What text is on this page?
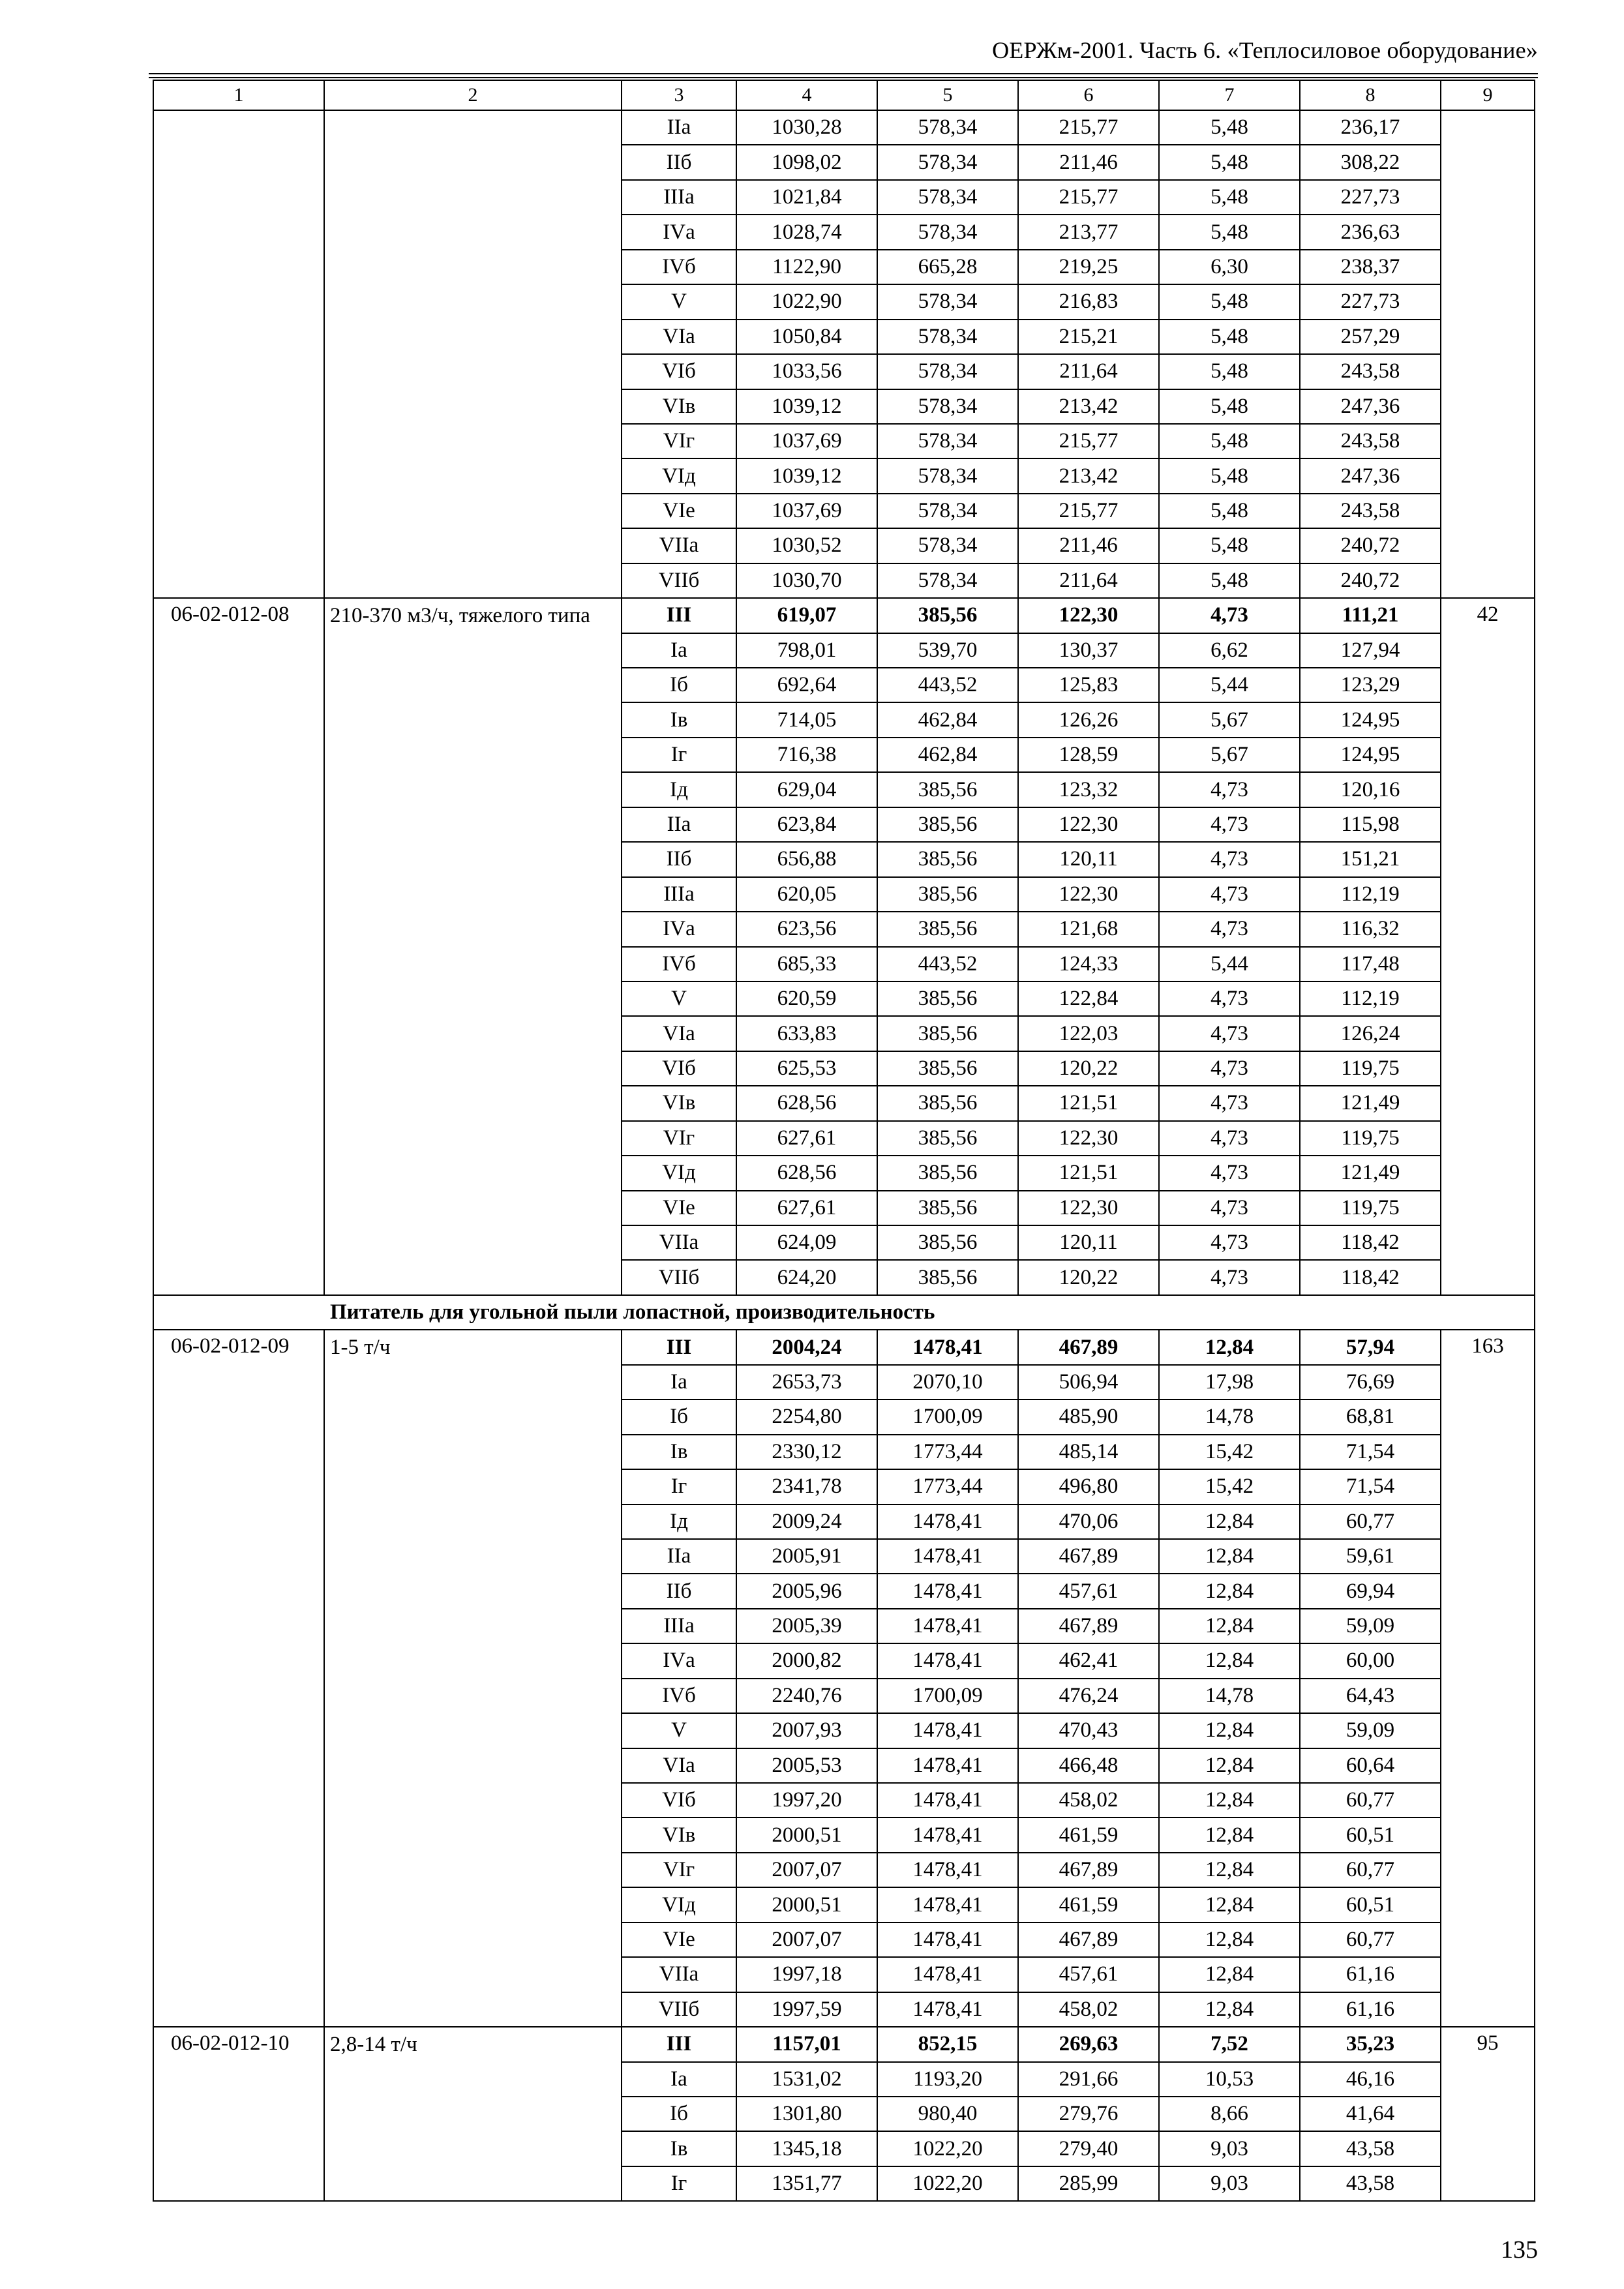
ОЕРЖм-2001. Часть 6. «Теплосиловое оборудование»
1	2	3	4	5	6	7	8	9
		IIа	1030,28	578,34	215,77	5,48	236,17	
		IIб	1098,02	578,34	211,46	5,48	308,22	
		IIIа	1021,84	578,34	215,77	5,48	227,73	
		IVа	1028,74	578,34	213,77	5,48	236,63	
		IVб	1122,90	665,28	219,25	6,30	238,37	
		V	1022,90	578,34	216,83	5,48	227,73	
		VIа	1050,84	578,34	215,21	5,48	257,29	
		VIб	1033,56	578,34	211,64	5,48	243,58	
		VIв	1039,12	578,34	213,42	5,48	247,36	
		VIг	1037,69	578,34	215,77	5,48	243,58	
		VIд	1039,12	578,34	213,42	5,48	247,36	
		VIе	1037,69	578,34	215,77	5,48	243,58	
		VIIа	1030,52	578,34	211,46	5,48	240,72	
		VIIб	1030,70	578,34	211,64	5,48	240,72	
06-02-012-08	210-370 м3/ч, тяжелого типа	III	619,07	385,56	122,30	4,73	111,21	42
		Iа	798,01	539,70	130,37	6,62	127,94	
		Iб	692,64	443,52	125,83	5,44	123,29	
		Iв	714,05	462,84	126,26	5,67	124,95	
		Iг	716,38	462,84	128,59	5,67	124,95	
		Iд	629,04	385,56	123,32	4,73	120,16	
		IIа	623,84	385,56	122,30	4,73	115,98	
		IIб	656,88	385,56	120,11	4,73	151,21	
		IIIа	620,05	385,56	122,30	4,73	112,19	
		IVа	623,56	385,56	121,68	4,73	116,32	
		IVб	685,33	443,52	124,33	5,44	117,48	
		V	620,59	385,56	122,84	4,73	112,19	
		VIа	633,83	385,56	122,03	4,73	126,24	
		VIб	625,53	385,56	120,22	4,73	119,75	
		VIв	628,56	385,56	121,51	4,73	121,49	
		VIг	627,61	385,56	122,30	4,73	119,75	
		VIд	628,56	385,56	121,51	4,73	121,49	
		VIе	627,61	385,56	122,30	4,73	119,75	
		VIIа	624,09	385,56	120,11	4,73	118,42	
		VIIб	624,20	385,56	120,22	4,73	118,42	
Питатель для угольной пыли лопастной, производительность								
06-02-012-09	1-5 т/ч	III	2004,24	1478,41	467,89	12,84	57,94	163
		Iа	2653,73	2070,10	506,94	17,98	76,69	
		Iб	2254,80	1700,09	485,90	14,78	68,81	
		Iв	2330,12	1773,44	485,14	15,42	71,54	
		Iг	2341,78	1773,44	496,80	15,42	71,54	
		Iд	2009,24	1478,41	470,06	12,84	60,77	
		IIа	2005,91	1478,41	467,89	12,84	59,61	
		IIб	2005,96	1478,41	457,61	12,84	69,94	
		IIIа	2005,39	1478,41	467,89	12,84	59,09	
		IVа	2000,82	1478,41	462,41	12,84	60,00	
		IVб	2240,76	1700,09	476,24	14,78	64,43	
		V	2007,93	1478,41	470,43	12,84	59,09	
		VIа	2005,53	1478,41	466,48	12,84	60,64	
		VIб	1997,20	1478,41	458,02	12,84	60,77	
		VIв	2000,51	1478,41	461,59	12,84	60,51	
		VIг	2007,07	1478,41	467,89	12,84	60,77	
		VIд	2000,51	1478,41	461,59	12,84	60,51	
		VIе	2007,07	1478,41	467,89	12,84	60,77	
		VIIа	1997,18	1478,41	457,61	12,84	61,16	
		VIIб	1997,59	1478,41	458,02	12,84	61,16	
06-02-012-10	2,8-14 т/ч	III	1157,01	852,15	269,63	7,52	35,23	95
		Iа	1531,02	1193,20	291,66	10,53	46,16	
		Iб	1301,80	980,40	279,76	8,66	41,64	
		Iв	1345,18	1022,20	279,40	9,03	43,58	
		Iг	1351,77	1022,20	285,99	9,03	43,58	
135
